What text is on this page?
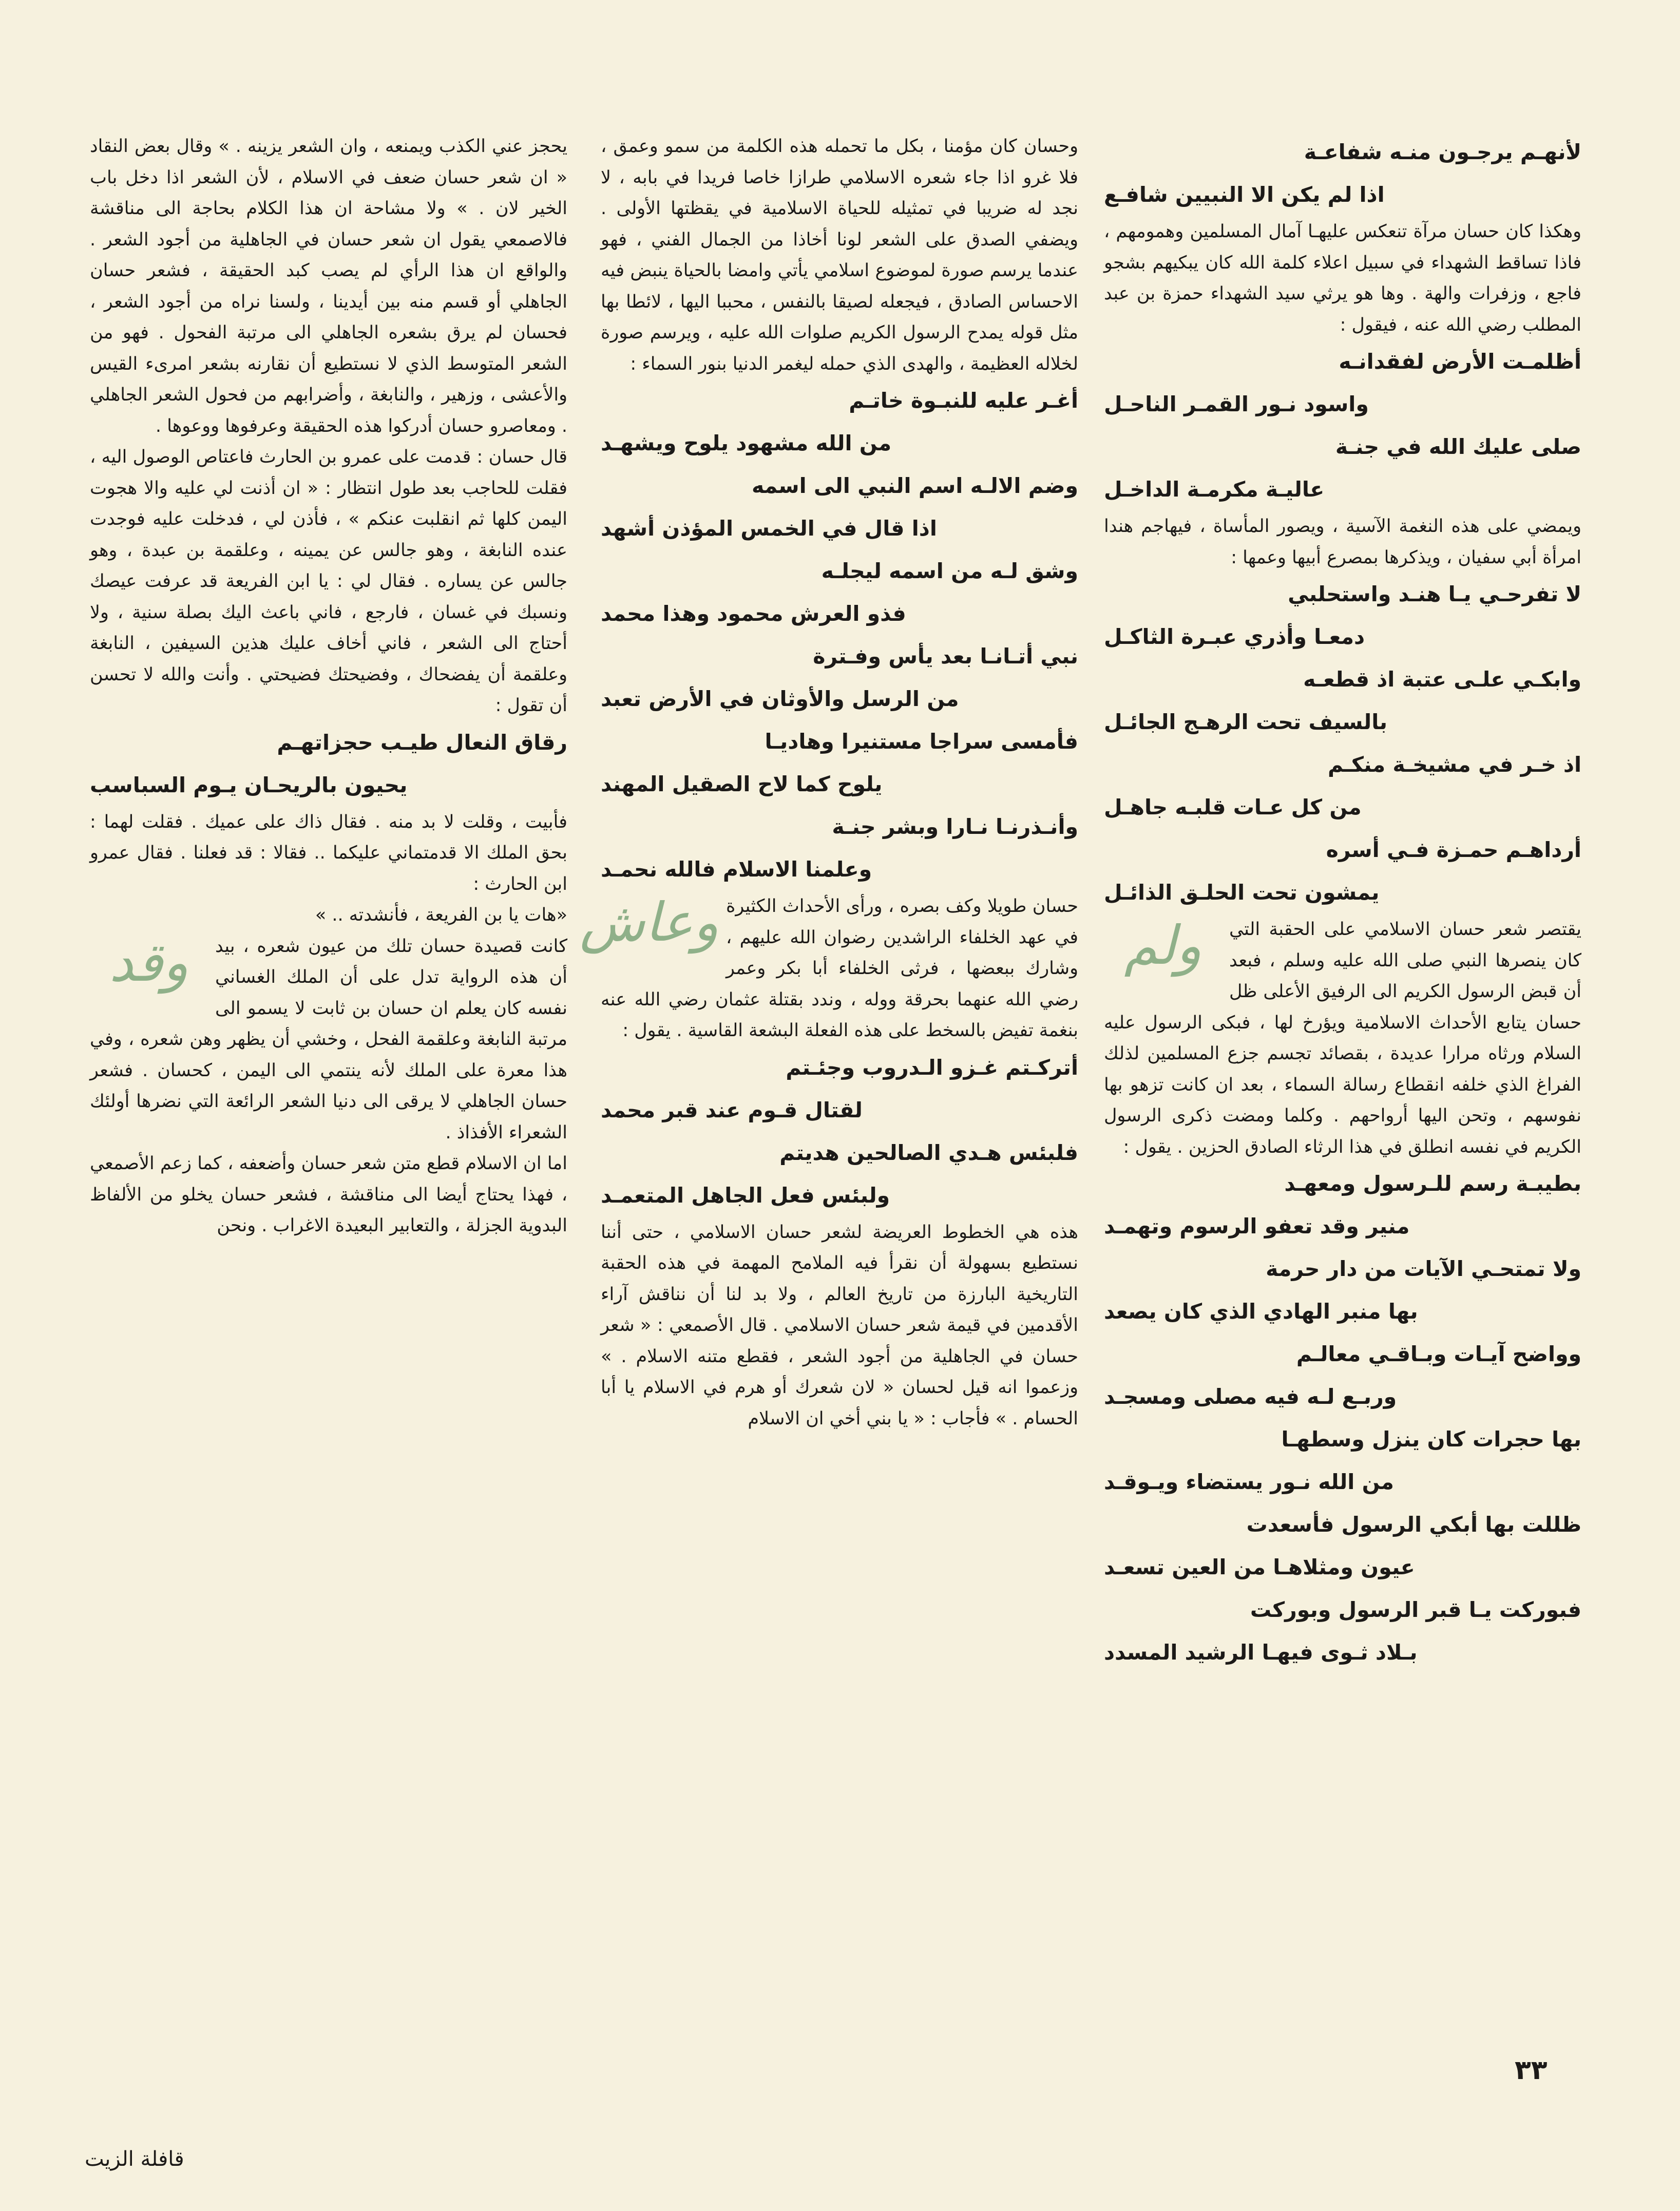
لأنهـم يرجـون منـه شفاعـة
اذا لم يكن الا النبيين شافـع

وهكذا كان حسان مرآة تنعكس عليهـا آمال المسلمين وهمومهم ، فاذا تساقط الشهداء في سبيل اعلاء كلمة الله كان يبكيهم بشجو فاجع ، وزفرات والهة . وها هو يرثي سيد الشهداء حمزة بن عبد المطلب رضي الله عنه ، فيقول :

أظلمـت الأرض لفقدانـه
واسود نـور القمـر الناحـل
صلى عليك الله في جنـة
عاليـة مكرمـة الداخـل

ويمضي على هذه النغمة الآسية ، ويصور المأساة ، فيهاجم هندا امرأة أبي سفيان ، ويذكرها بمصرع أبيها وعمها :

لا تفرحـي يـا هنـد واستحلبي
دمعـا وأذري عبـرة الثاكـل
وابكـي علـى عتبة اذ قطعـه
بالسيف تحت الرهـج الجائـل
اذ خـر في مشيخـة منكـم
من كل عـات قلبـه جاهـل
أرداهـم حمـزة فـي أسره
يمشون تحت الحلـق الذائـل
ولم	يقتصر شعر حسان الاسلامي على الحقبة التي كان ينصرها النبي صلى الله عليه وسلم ، فبعد أن قبض الرسول الكريم الى الرفيق الأعلى ظل حسان يتابع الأحداث الاسلامية ويؤرخ لها ، فبكى الرسول عليه السلام ورثاه مرارا عديدة ، بقصائد تجسم جزع المسلمين لذلك الفراغ الذي خلفه انقطاع رسالة السماء ، بعد ان كانت تزهو بها نفوسهم ، وتحن اليها أرواحهم . وكلما ومضت ذكرى الرسول الكريم في نفسه انطلق في هذا الرثاء الصادق الحزين . يقول :

بطيبـة رسم للـرسول ومعهـد
منير وقد تعفو الرسوم وتهمـد
ولا تمتحـي الآيات من دار حرمة
بها منبر الهادي الذي كان يصعد
وواضح آيـات وبـاقـي معالـم
وربـع لـه فيه مصلى ومسجـد
بها حجرات كان ينزل وسطهـا
من الله نـور يستضاء ويـوقـد
ظللت بها أبكي الرسول فأسعدت
عيون ومثلاهـا من العين تسعـد
فبوركت يـا قبر الرسول وبوركت
بـلاد ثـوى فيهـا الرشيد المسدد

وحسان كان مؤمنا ، بكل ما تحمله هذه الكلمة من سمو وعمق ، فلا غرو اذا جاء شعره الاسلامي طرازا خاصا فريدا في بابه ، لا نجد له ضريبا في تمثيله للحياة الاسلامية في يقظتها الأولى . ويضفي الصدق على الشعر لونا أخاذا من الجمال الفني ، فهو عندما يرسم صورة لموضوع اسلامي يأتي وامضا بالحياة ينبض فيه الاحساس الصادق ، فيجعله لصيقا بالنفس ، محببا اليها ، لائطا بها مثل قوله يمدح الرسول الكريم صلوات الله عليه ، ويرسم صورة لخلاله العظيمة ، والهدى الذي حمله ليغمر الدنيا بنور السماء :

أغـر عليه للنبـوة خاتـم
من الله مشهود يلوح ويشهـد
وضم الالـه اسم النبي الى اسمه
اذا قال في الخمس المؤذن أشهد
وشق لـه من اسمه ليجلـه
فذو العرش محمود وهذا محمد
نبي أتـانـا بعد يأس وفـترة
من الرسل والأوثان في الأرض تعبد
فأمسى سراجا مستنيرا وهاديـا
يلوح كما لاح الصقيل المهند
وأنـذرنـا نـارا وبشر جنـة
وعلمنا الاسلام فالله نحمـد
وعاش حسان طويلا وكف بصره ، ورأى الأحداث الكثيرة في عهد الخلفاء الراشدين رضوان الله عليهم ، وشارك ببعضها ، فرثى الخلفاء أبا بكر وعمر رضي الله عنهما بحرقة ووله ، وندد بقتلة عثمان رضي الله عنه بنغمة تفيض بالسخط على هذه الفعلة البشعة القاسية . يقول :

أتركـتم غـزو الـدروب وجئـتم
لقتال قـوم عند قبر محمد
فلبئس هـدي الصالحين هديتم
ولبئس فعل الجاهل المتعمـد

هذه هي الخطوط العريضة لشعر حسان الاسلامي ، حتى أننا نستطيع بسهولة أن نقرأ فيه الملامح المهمة في هذه الحقبة التاريخية البارزة من تاريخ العالم ، ولا بد لنا أن نناقش آراء الأقدمين في قيمة شعر حسان الاسلامي . قال الأصمعي : « شعر حسان في الجاهلية من أجود الشعر ، فقطع متنه الاسلام . » وزعموا انه قيل لحسان « لان شعرك أو هرم في الاسلام يا أبا الحسام . » فأجاب : « يا بني أخي ان الاسلام

يحجز عني الكذب ويمنعه ، وان الشعر يزينه . » وقال بعض النقاد « ان شعر حسان ضعف في الاسلام ، لأن الشعر اذا دخل باب الخير لان . » ولا مشاحة ان هذا الكلام بحاجة الى مناقشة فالاصمعي يقول ان شعر حسان في الجاهلية من أجود الشعر . والواقع ان هذا الرأي لم يصب كبد الحقيقة ، فشعر حسان الجاهلي أو قسم منه بين أيدينا ، ولسنا نراه من أجود الشعر ، فحسان لم يرق بشعره الجاهلي الى مرتبة الفحول . فهو من الشعر المتوسط الذي لا نستطيع أن نقارنه بشعر امرىء القيس والأعشى ، وزهير ، والنابغة ، وأضرابهم من فحول الشعر الجاهلي . ومعاصرو حسان أدركوا هذه الحقيقة وعرفوها ووعوها .

قال حسان : قدمت على عمرو بن الحارث فاعتاص الوصول اليه ، فقلت للحاجب بعد طول انتظار : « ان أذنت لي عليه والا هجوت اليمن كلها ثم انقلبت عنكم » ، فأذن لي ، فدخلت عليه فوجدت عنده النابغة ، وهو جالس عن يمينه ، وعلقمة بن عبدة ، وهو جالس عن يساره . فقال لي : يا ابن الفريعة قد عرفت عيصك ونسبك في غسان ، فارجع ، فاني باعث اليك بصلة سنية ، ولا أحتاج الى الشعر ، فاني أخاف عليك هذين السيفين ، النابغة وعلقمة أن يفضحاك ، وفضيحتك فضيحتي . وأنت والله لا تحسن أن تقول :

رقاق النعال طيـب حجزاتهـم
يحيون بالريحـان يـوم السباسب

فأبيت ، وقلت لا بد منه . فقال ذاك على عميك . فقلت لهما : بحق الملك الا قدمتماني عليكما .. فقالا : قد فعلنا . فقال عمرو ابن الحارث :

«هات يا بن الفريعة ، فأنشدته .. »

وقد	كانت قصيدة حسان تلك من عيون شعره ، بيد أن هذه الرواية تدل على أن الملك الغساني نفسه كان يعلم ان حسان بن ثابت لا يسمو الى مرتبة النابغة وعلقمة الفحل ، وخشي أن يظهر وهن شعره ، وفي هذا معرة على الملك لأنه ينتمي الى اليمن ، كحسان . فشعر حسان الجاهلي لا يرقى الى دنيا الشعر الرائعة التي نضرها أولئك الشعراء الأفذاذ .

اما ان الاسلام قطع متن شعر حسان وأضعفه ، كما زعم الأصمعي ، فهذا يحتاج أيضا الى مناقشة ، فشعر حسان يخلو من الألفاظ البدوية الجزلة ، والتعابير البعيدة الاغراب . ونحن

٣٣
قافلة الزيت
